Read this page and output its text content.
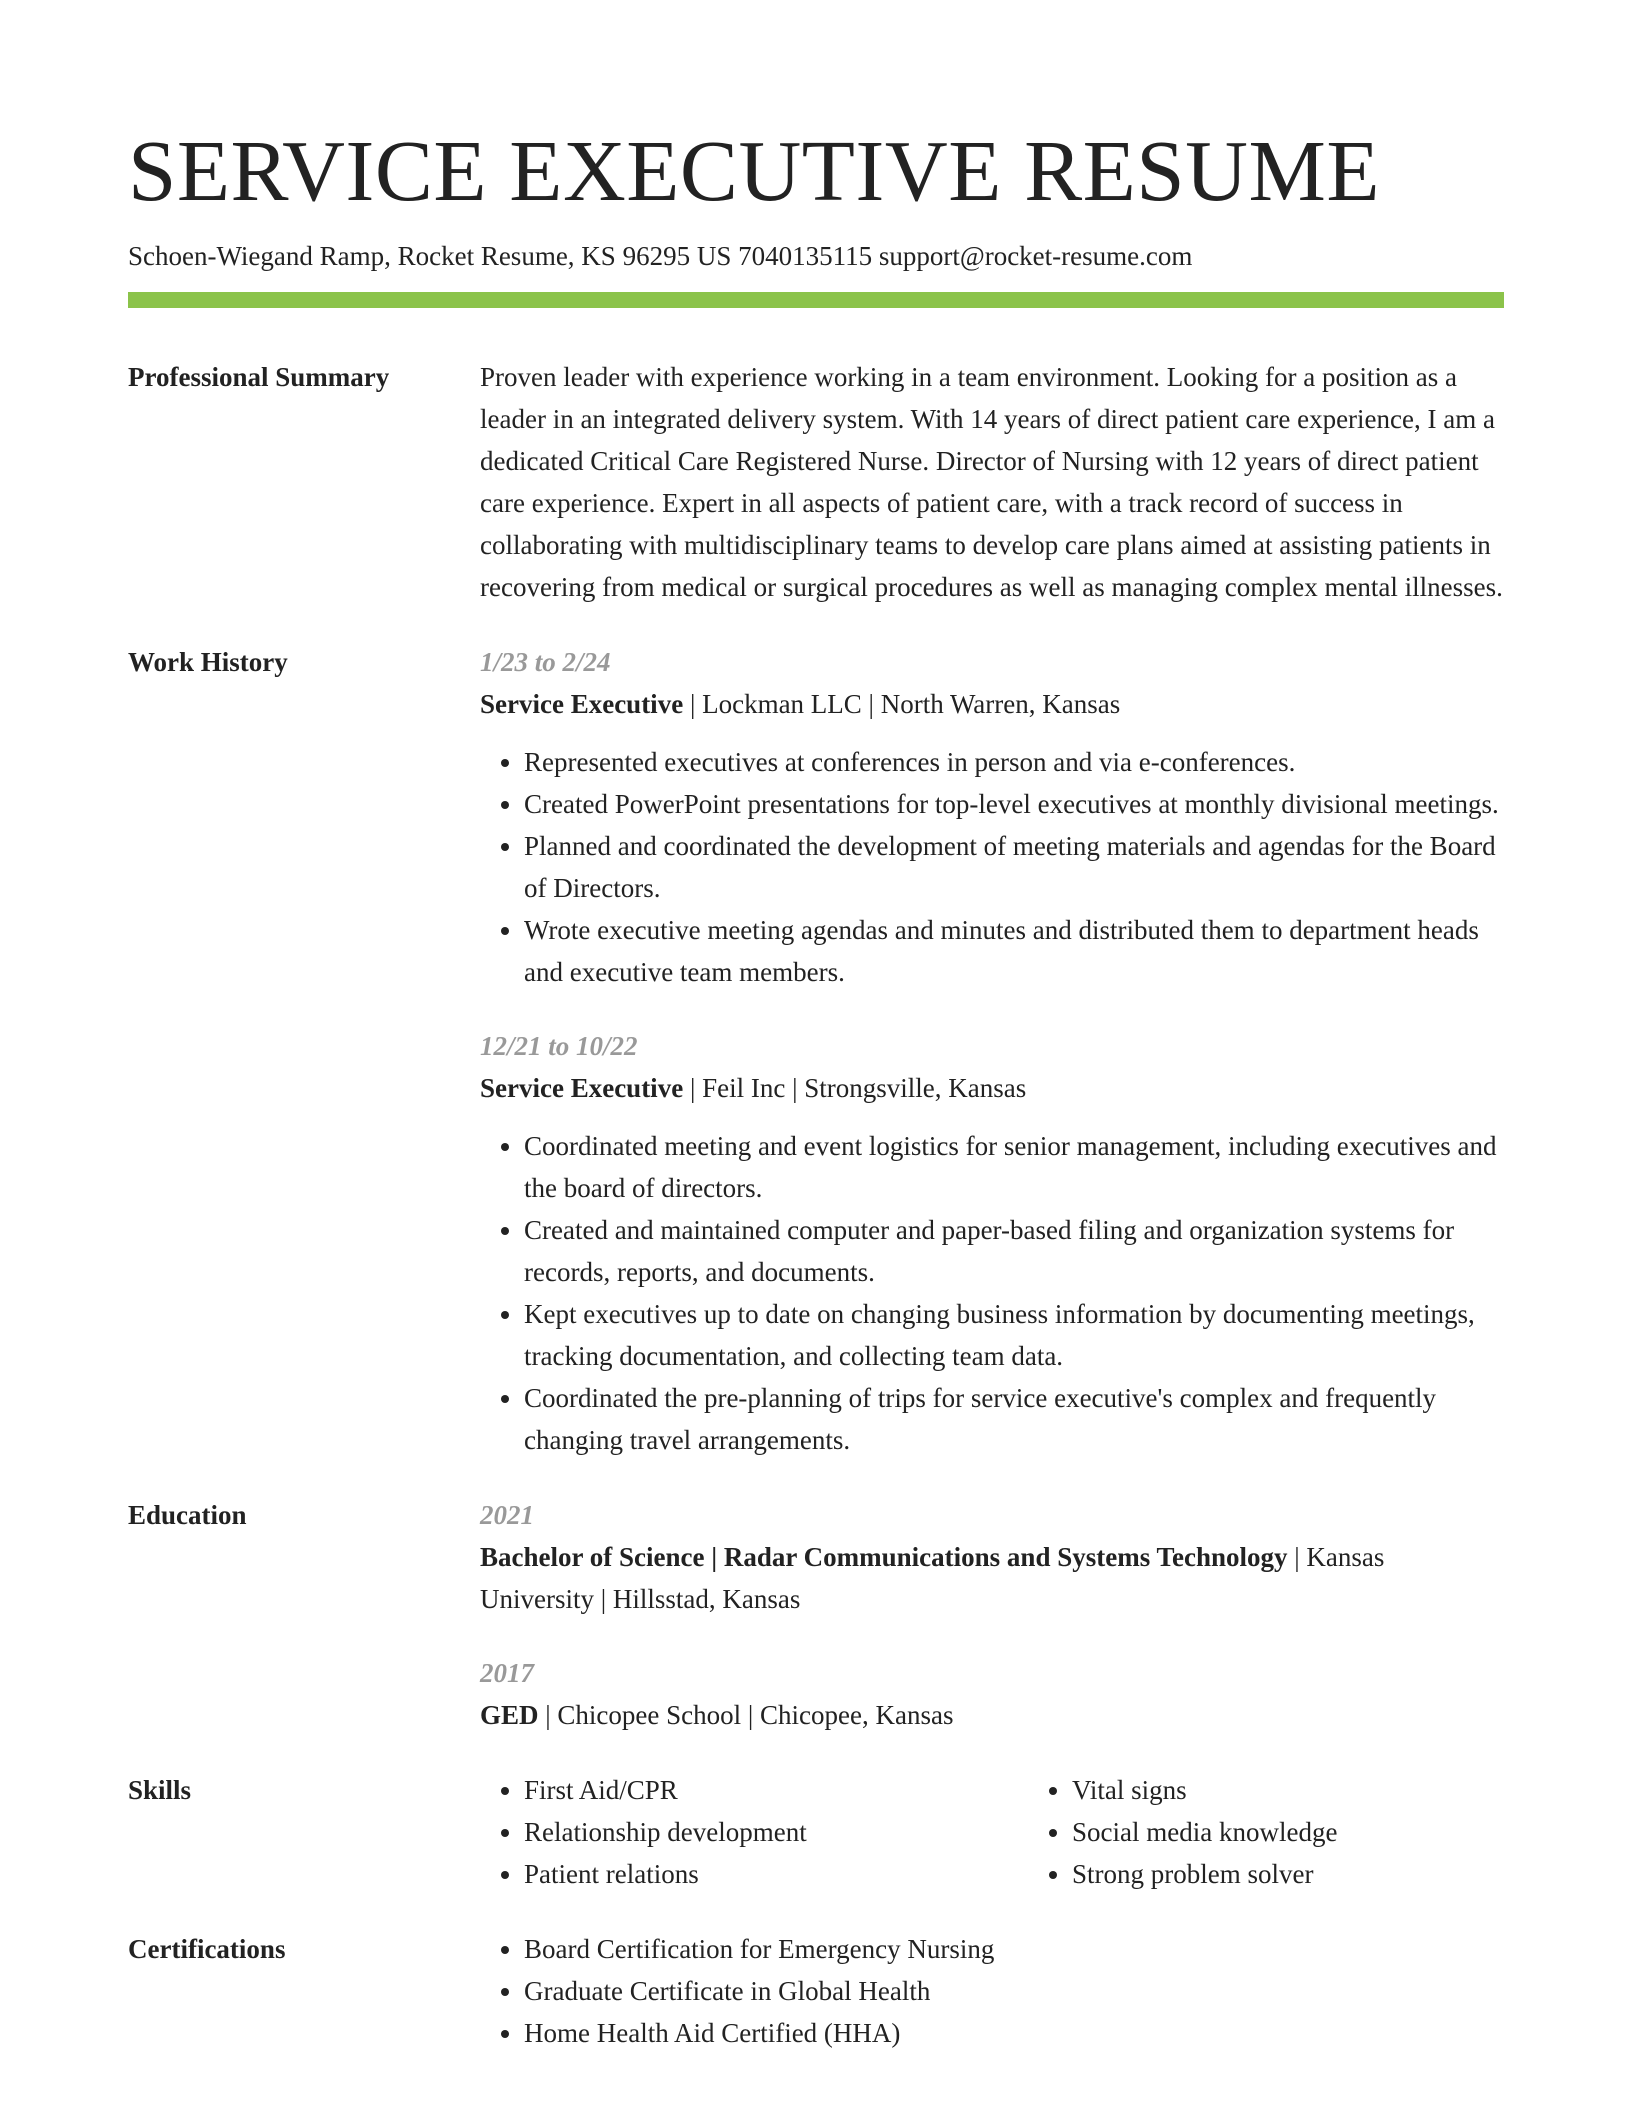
SERVICE EXECUTIVE RESUME
Schoen-Wiegand Ramp, Rocket Resume, KS 96295 US 7040135115 support@rocket-resume.com
Professional Summary	Proven leader with experience working in a team environment. Looking for a position as a leader in an integrated delivery system. With 14 years of direct patient care experience, I am a dedicated Critical Care Registered Nurse. Director of Nursing with 12 years of direct patient care experience. Expert in all aspects of patient care, with a track record of success in collaborating with multidisciplinary teams to develop care plans aimed at assisting patients in recovering from medical or surgical procedures as well as managing complex mental illnesses.

Work History	1/23 to 2/24
Service Executive | Lockman LLC | North Warren, Kansas
• Represented executives at conferences in person and via e-conferences.
• Created PowerPoint presentations for top-level executives at monthly divisional meetings.
• Planned and coordinated the development of meeting materials and agendas for the Board of Directors.
• Wrote executive meeting agendas and minutes and distributed them to department heads and executive team members.
12/21 to 10/22
Service Executive | Feil Inc | Strongsville, Kansas
• Coordinated meeting and event logistics for senior management, including executives and the board of directors.
• Created and maintained computer and paper-based filing and organization systems for records, reports, and documents.
• Kept executives up to date on changing business information by documenting meetings, tracking documentation, and collecting team data.
• Coordinated the pre-planning of trips for service executive's complex and frequently changing travel arrangements.
Education	2021
Bachelor of Science | Radar Communications and Systems Technology | Kansas University | Hillsstad, Kansas
2017
GED | Chicopee School | Chicopee, Kansas
Skills	• First Aid/CPR
• Relationship development
• Patient relations
• Vital signs
• Social media knowledge
• Strong problem solver
Certifications	• Board Certification for Emergency Nursing
• Graduate Certificate in Global Health
• Home Health Aid Certified (HHA)
